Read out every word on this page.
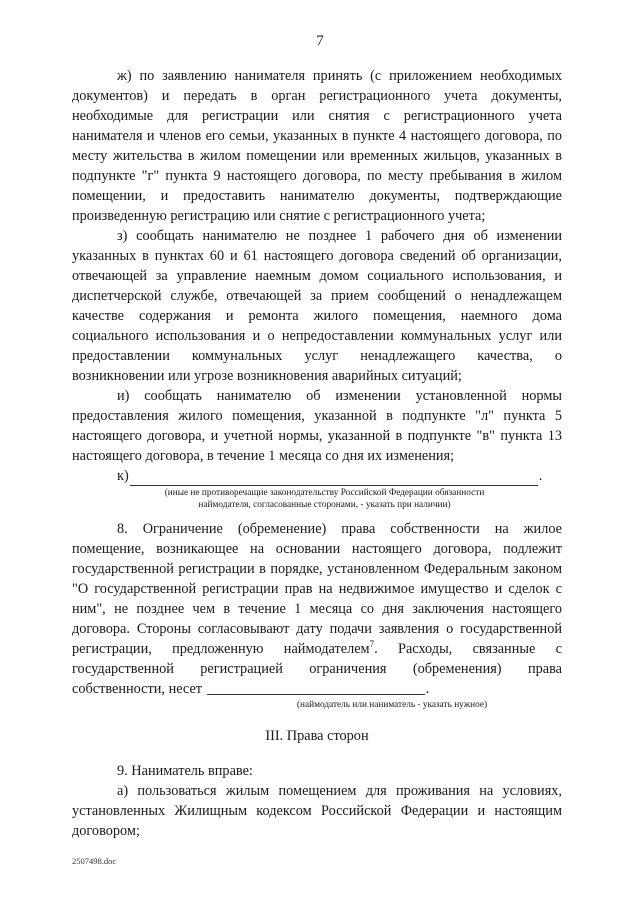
7

ж) по заявлению нанимателя принять (с приложением необходимых документов) и передать в орган регистрационного учета документы, необходимые для регистрации или снятия с регистрационного учета нанимателя и членов его семьи, указанных в пункте 4 настоящего договора, по месту жительства в жилом помещении или временных жильцов, указанных в подпункте "г" пункта 9 настоящего договора, по месту пребывания в жилом помещении, и предоставить нанимателю документы, подтверждающие произведенную регистрацию или снятие с регистрационного учета;

з) сообщать нанимателю не позднее 1 рабочего дня об изменении указанных в пунктах 60 и 61 настоящего договора сведений об организации, отвечающей за управление наемным домом социального использования, и диспетчерской службе, отвечающей за прием сообщений о ненадлежащем качестве содержания и ремонта жилого помещения, наемного дома социального использования и о непредоставлении коммунальных услуг или предоставлении коммунальных услуг ненадлежащего качества, о возникновении или угрозе возникновения аварийных ситуаций;

и) сообщать нанимателю об изменении установленной нормы предоставления жилого помещения, указанной в подпункте "л" пункта 5 настоящего договора, и учетной нормы, указанной в подпункте "в" пункта 13 настоящего договора, в течение 1 месяца со дня их изменения;

к)	.
(иные не противоречащие законодательству Российской Федерации обязанности наймодателя, согласованные сторонами, - указать при наличии)

8. Ограничение (обременение) права собственности на жилое помещение, возникающее на основании настоящего договора, подлежит государственной регистрации в порядке, установленном Федеральным законом "О государственной регистрации прав на недвижимое имущество и сделок с ним", не позднее чем в течение 1 месяца со дня заключения настоящего договора. Стороны согласовывают дату подачи заявления о государственной регистрации, предложенную наймодателем$^7$. Расходы, связанные с государственной регистрацией ограничения (обременения) права собственности, несет	.

(наймодатель или наниматель - указать нужное)

III. Права сторон

9. Наниматель вправе:

а) пользоваться жилым помещением для проживания на условиях, установленных Жилищным кодексом Российской Федерации и настоящим договором;

2507498.doc
